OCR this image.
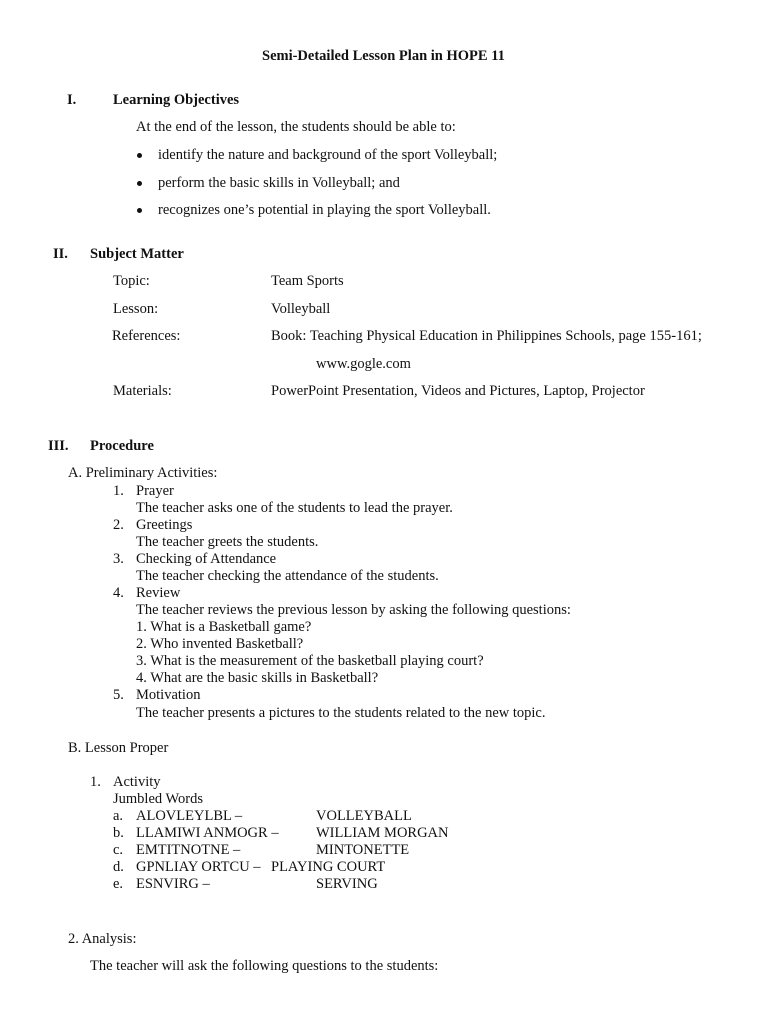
Semi-Detailed Lesson Plan in HOPE 11
I.	Learning Objectives
At the end of the lesson, the students should be able to:
identify the nature and background of the sport Volleyball;
perform the basic skills in Volleyball; and
recognizes one’s potential in playing the sport Volleyball.
II. Subject Matter
Topic:	Team Sports
Lesson:	Volleyball
References:	Book: Teaching Physical Education in Philippines Schools, page 155-161;
www.gogle.com
Materials:	PowerPoint Presentation, Videos and Pictures, Laptop, Projector
III. Procedure
A. Preliminary Activities:
1. Prayer
The teacher asks one of the students to lead the prayer.
2. Greetings
The teacher greets the students.
3. Checking of Attendance
The teacher checking the attendance of the students.
4. Review
The teacher reviews the previous lesson by asking the following questions:
1. What is a Basketball game?
2. Who invented Basketball?
3. What is the measurement of the basketball playing court?
4. What are the basic skills in Basketball?
5. Motivation
The teacher presents a pictures to the students related to the new topic.
B. Lesson Proper
1. Activity
Jumbled Words
a. ALOVLEYLBL –	VOLLEYBALL
b. LLAMIWI ANMOGR –	WILLIAM MORGAN
c. EMTITNOTNE –	MINTONETTE
d. GPNLIAY ORTCU – PLAYING COURT
e. ESNVIRG –	SERVING
2. Analysis:
The teacher will ask the following questions to the students:
